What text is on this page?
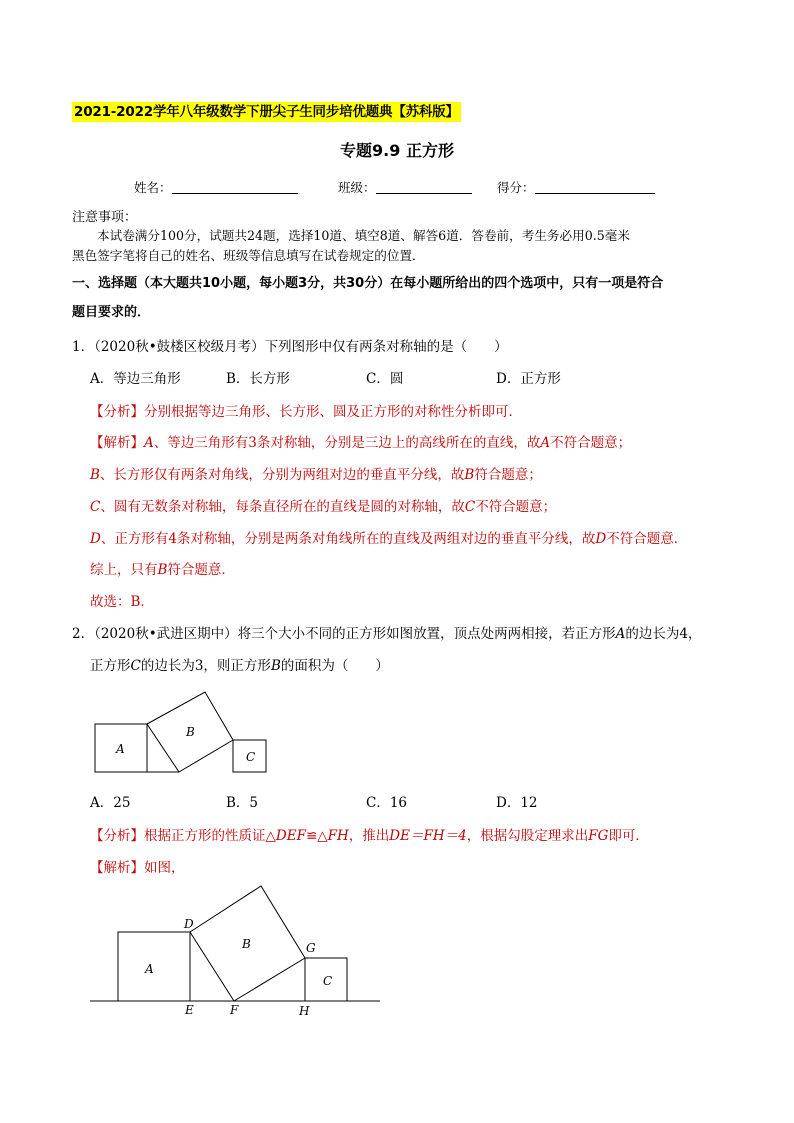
2021-2022学年八年级数学下册尖子生同步培优题典【苏科版】
专题9.9 正方形
姓名：	班级：	得分：
注意事项：
本试卷满分100分，试题共24题，选择10道、填空8道、解答6道．答卷前，考生务必用0.5毫米
黑色签字笔将自己的姓名、班级等信息填写在试卷规定的位置．
一、选择题（本大题共10小题，每小题3分，共30分）在每小题所给出的四个选项中，只有一项是符合
题目要求的．
1．（2020秋•鼓楼区校级月考）下列图形中仅有两条对称轴的是（　　）
A．等边三角形	B．长方形	C．圆	D．正方形
【分析】分别根据等边三角形、长方形、圆及正方形的对称性分析即可．
【解析】A、等边三角形有3条对称轴，分别是三边上的高线所在的直线，故A不符合题意；
B、长方形仅有两条对角线，分别为两组对边的垂直平分线，故B符合题意；
C、圆有无数条对称轴，每条直径所在的直线是圆的对称轴，故C不符合题意；
D、正方形有4条对称轴，分别是两条对角线所在的直线及两组对边的垂直平分线，故D不符合题意．
综上，只有B符合题意．
故选：B．
2．（2020秋•武进区期中）将三个大小不同的正方形如图放置，顶点处两两相接，若正方形A的边长为4，
正方形C的边长为3，则正方形B的面积为（　　）
A
B
C
A．25	B．5	C．16	D．12
【分析】根据正方形的性质证△DEF≌△FH，推出DE＝FH＝4，根据勾股定理求出FG即可．
【解析】如图，
A
B
C
D
E	F
G
H
